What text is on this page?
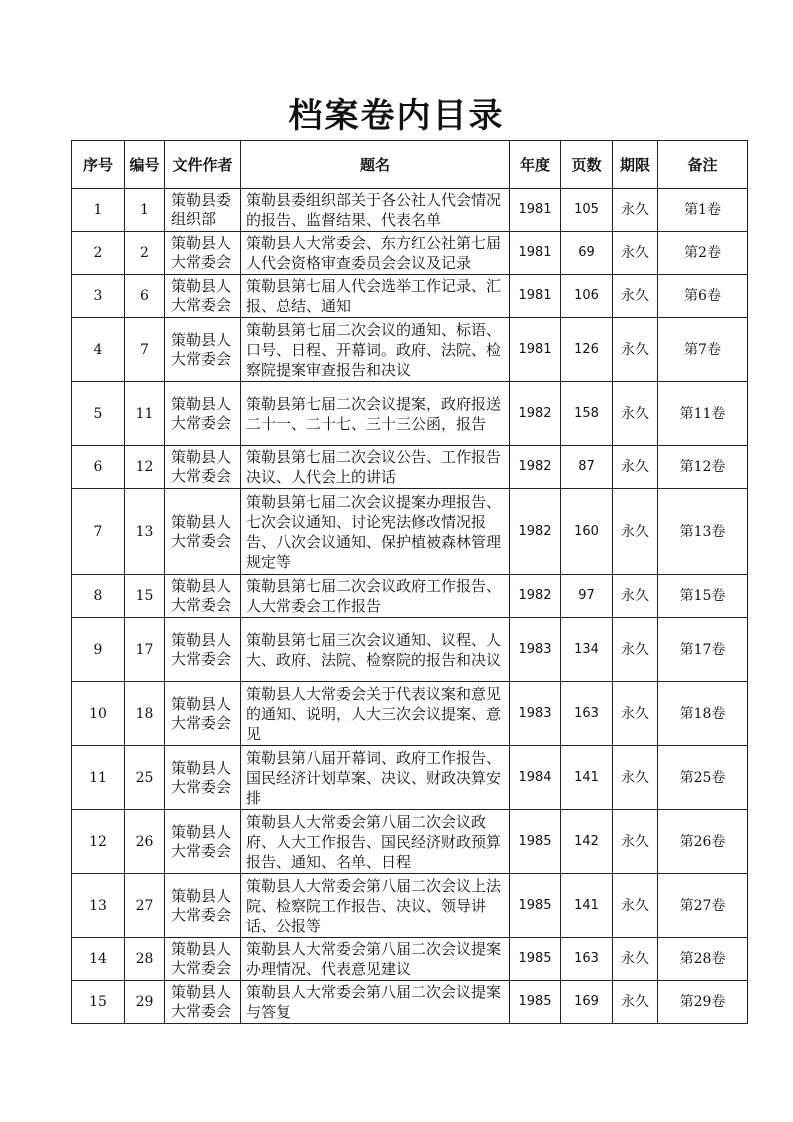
档案卷内目录
序号	编号	文件作者	题名	年度	页数	期限	备注
1	1	策勒县委组织部	策勒县委组织部关于各公社人代会情况的报告、监督结果、代表名单	1981	105	永久	第1卷
2	2	策勒县人大常委会	策勒县人大常委会、东方红公社第七届人代会资格审查委员会会议及记录	1981	69	永久	第2卷
3	6	策勒县人大常委会	策勒县第七届人代会选举工作记录、汇报、总结、通知	1981	106	永久	第6卷
4	7	策勒县人大常委会	策勒县第七届二次会议的通知、标语、口号、日程、开幕词。政府、法院、检察院提案审查报告和决议	1981	126	永久	第7卷
5	11	策勒县人大常委会	策勒县第七届二次会议提案，政府报送二十一、二十七、三十三公函，报告	1982	158	永久	第11卷
6	12	策勒县人大常委会	策勒县第七届二次会议公告、工作报告决议、人代会上的讲话	1982	87	永久	第12卷
7	13	策勒县人大常委会	策勒县第七届二次会议提案办理报告、七次会议通知、讨论宪法修改情况报告、八次会议通知、保护植被森林管理规定等	1982	160	永久	第13卷
8	15	策勒县人大常委会	策勒县第七届二次会议政府工作报告、人大常委会工作报告	1982	97	永久	第15卷
9	17	策勒县人大常委会	策勒县第七届三次会议通知、议程、人大、政府、法院、检察院的报告和决议	1983	134	永久	第17卷
10	18	策勒县人大常委会	策勒县人大常委会关于代表议案和意见的通知、说明，人大三次会议提案、意见	1983	163	永久	第18卷
11	25	策勒县人大常委会	策勒县第八届开幕词、政府工作报告、国民经济计划草案、决议、财政决算安排	1984	141	永久	第25卷
12	26	策勒县人大常委会	策勒县人大常委会第八届二次会议政府、人大工作报告、国民经济财政预算报告、通知、名单、日程	1985	142	永久	第26卷
13	27	策勒县人大常委会	策勒县人大常委会第八届二次会议上法院、检察院工作报告、决议、领导讲话、公报等	1985	141	永久	第27卷
14	28	策勒县人大常委会	策勒县人大常委会第八届二次会议提案办理情况、代表意见建议	1985	163	永久	第28卷
15	29	策勒县人大常委会	策勒县人大常委会第八届二次会议提案与答复	1985	169	永久	第29卷
